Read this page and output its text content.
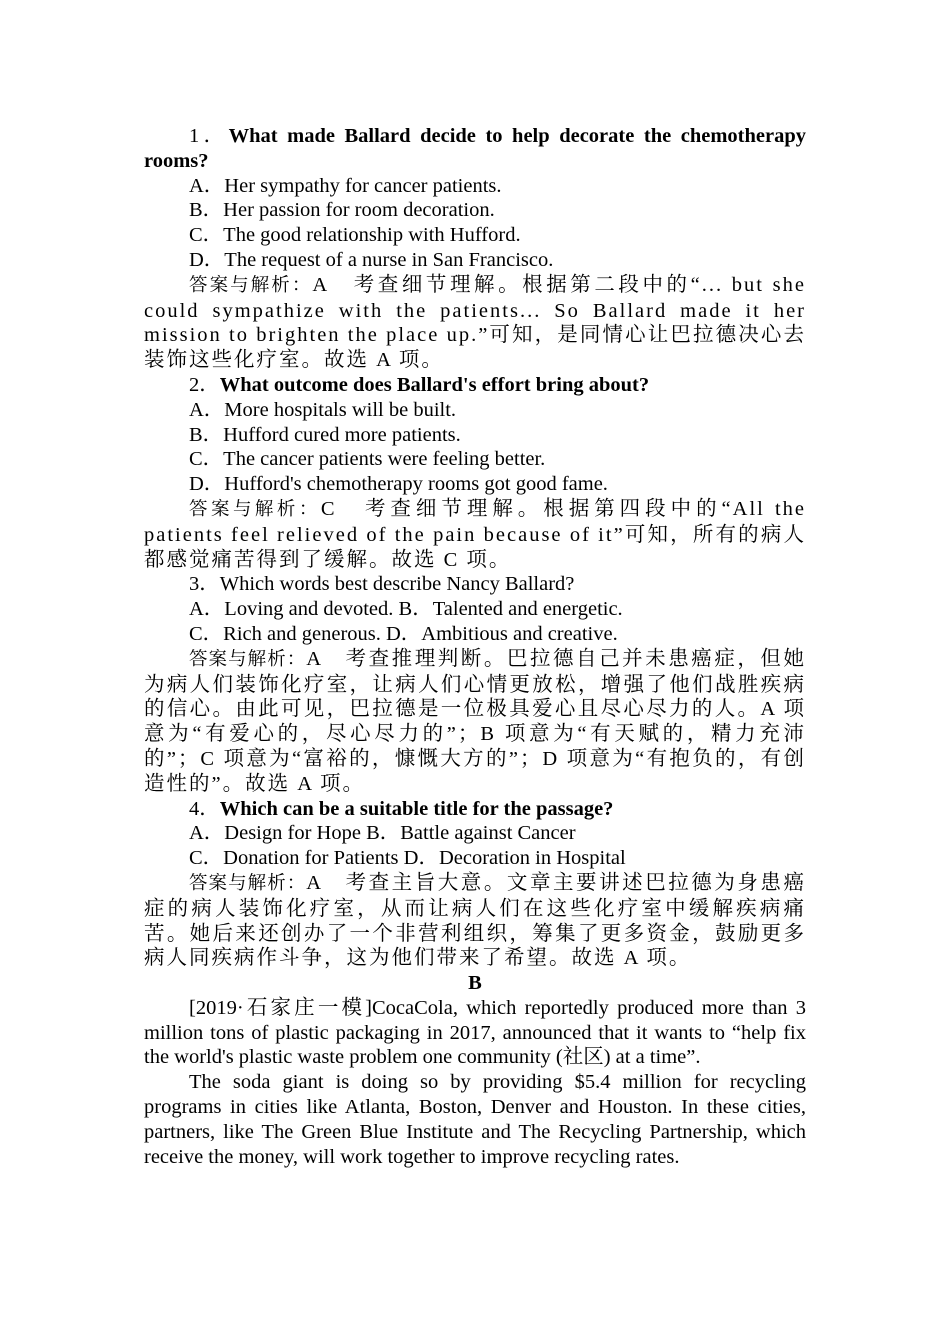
1．What made Ballard decide to help decorate the chemotherapy rooms?

A．Her sympathy for cancer patients.

B．Her passion for room decoration.

C．The good relationship with Hufford.

D．The request of a nurse in San Francisco.

答案与解析：A　考查细节理解。根据第二段中的“... but she could sympathize with the patients... So Ballard made it her mission to brighten the place up.”可知，是同情心让巴拉德决心去装饰这些化疗室。故选 A 项。

2．What outcome does Ballard's effort bring about?

A．More hospitals will be built.

B．Hufford cured more patients.

C．The cancer patients were feeling better.

D．Hufford's chemotherapy rooms got good fame.

答案与解析：C　考查细节理解。根据第四段中的“All the patients feel relieved of the pain because of it”可知，所有的病人都感觉痛苦得到了缓解。故选 C 项。

3．Which words best describe Nancy Ballard?

A．Loving and devoted. B．Talented and energetic.

C．Rich and generous. D．Ambitious and creative.

答案与解析：A　考查推理判断。巴拉德自己并未患癌症，但她为病人们装饰化疗室，让病人们心情更放松，增强了他们战胜疾病的信心。由此可见，巴拉德是一位极具爱心且尽心尽力的人。A 项意为“有爱心的，尽心尽力的”；B 项意为“有天赋的，精力充沛的”；C 项意为“富裕的，慷慨大方的”；D 项意为“有抱负的，有创造性的”。故选 A 项。

4．Which can be a suitable title for the passage?

A．Design for Hope B．Battle against Cancer

C．Donation for Patients D．Decoration in Hospital

答案与解析：A　考查主旨大意。文章主要讲述巴拉德为身患癌症的病人装饰化疗室，从而让病人们在这些化疗室中缓解疾病痛苦。她后来还创办了一个非营利组织，筹集了更多资金，鼓励更多病人同疾病作斗争，这为他们带来了希望。故选 A 项。

B

[2019·石家庄一模]CocaCola, which reportedly produced more than 3 million tons of plastic packaging in 2017, announced that it wants to “help fix the world's plastic waste problem one community (社区) at a time”.

The soda giant is doing so by providing $5.4 million for recycling programs in cities like Atlanta, Boston, Denver and Houston. In these cities, partners, like The Green Blue Institute and The Recycling Partnership, which receive the money, will work together to improve recycling rates.
